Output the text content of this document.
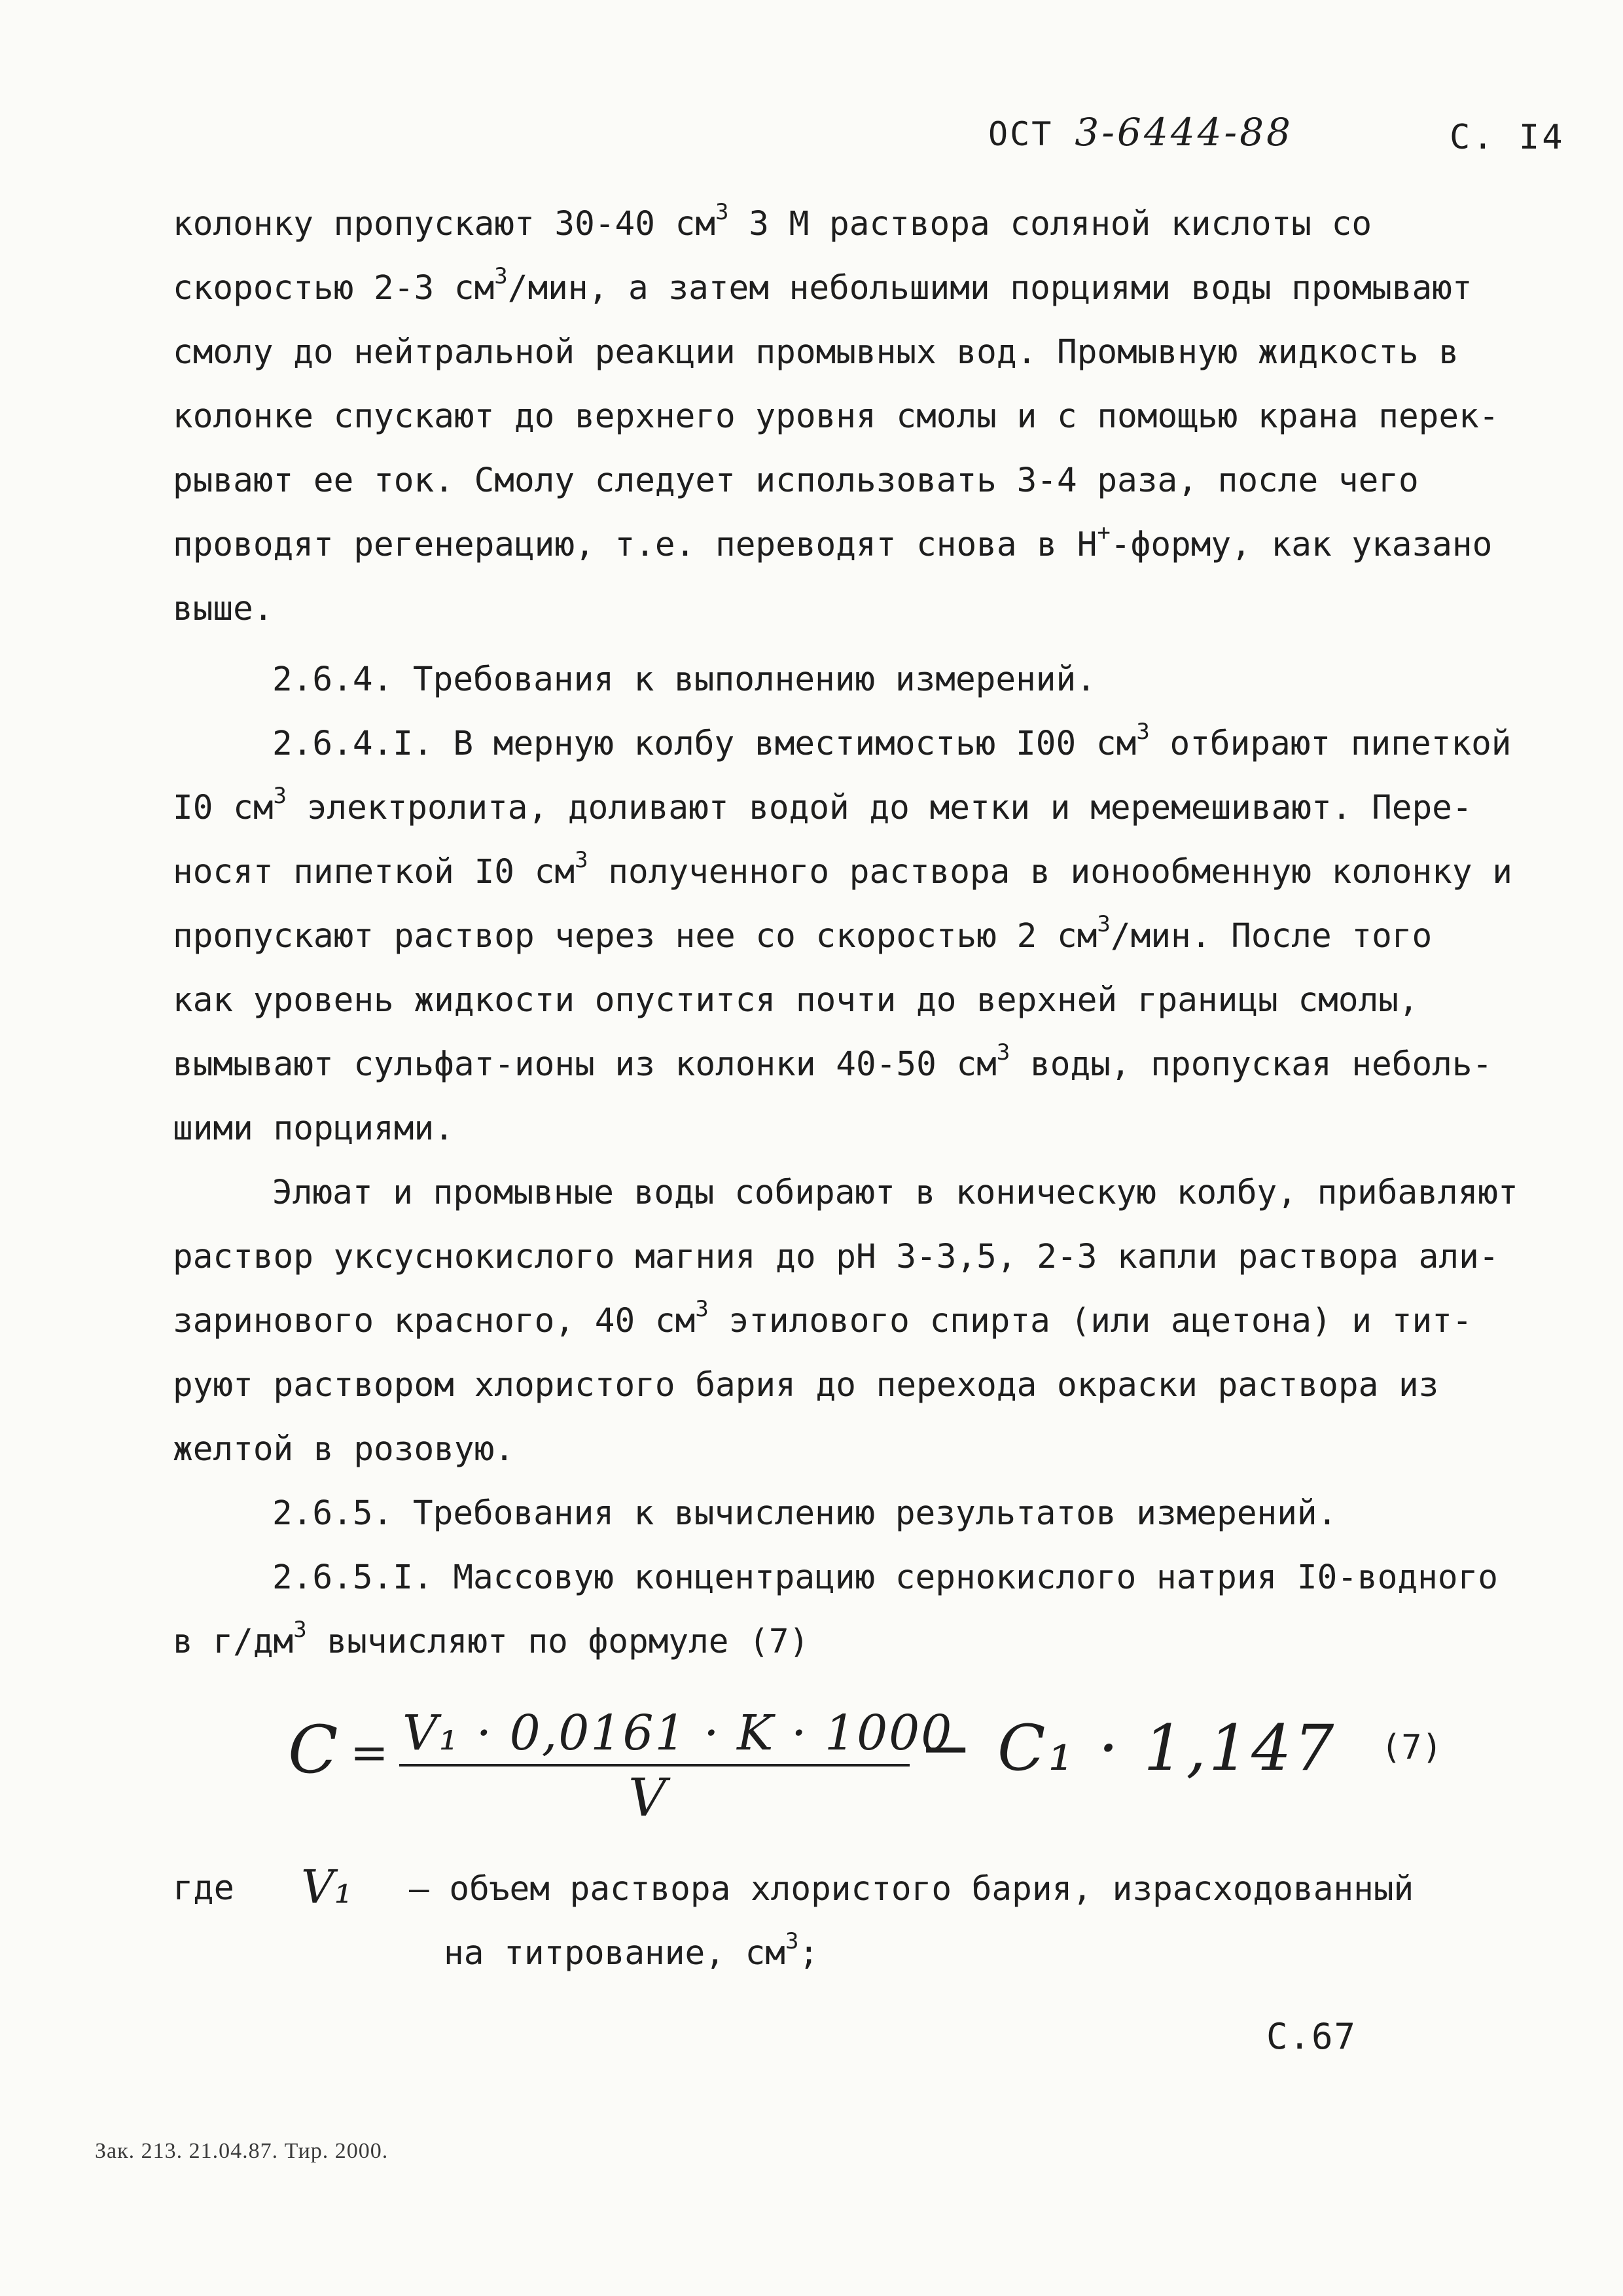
ОСТ 3-6444-88	С. I4
колонку пропускают 30-40 $см^3$ 3 М раствора соляной кислоты со
скоростью 2-3 $см^3$/мин, а затем небольшими порциями воды промывают
смолу до нейтральной реакции промывных вод. Промывную жидкость в
колонке спускают до верхнего уровня смолы и с помощью крана перек-
рывают ее ток. Смолу следует использовать 3-4 раза, после чего
проводят регенерацию, т.е. переводят снова в H+-форму, как указано
выше.
2.6.4. Требования к выполнению измерений.
2.6.4.I. В мерную колбу вместимостью I00 $см^3$ отбирают пипеткой
I0 $см^3$ электролита, доливают водой до метки и меремешивают. Пере-
носят пипеткой I0 $см^3$ полученного раствора в ионообменную колонку и
пропускают раствор через нее со скоростью 2 $см^3$/мин. После того
как уровень жидкости опустится почти до верхней границы смолы,
вымывают сульфат-ионы из колонки 40-50 $см^3$ воды, пропуская неболь-
шими порциями.
Элюат и промывные воды собирают в коническую колбу, прибавляют
раствор уксуснокислого магния до pH 3-3,5, 2-3 капли раствора али-
заринового красного, 40 $см^3$ этилового спирта (или ацетона) и тит-
руют раствором хлористого бария до перехода окраски раствора из
желтой в розовую.
2.6.5. Требования к вычислению результатов измерений.
2.6.5.I. Массовую концентрацию сернокислого натрия I0-водного
в $г/дм^3$ вычисляют по формуле (7)
C = V₁ · 0,0161 · K · 1000
V
− C₁ · 1,147 (7)
где V₁ – объем раствора хлористого бария, израсходованный
на титрование, $см^3$;
С.67
Зак. 213. 21.04.87. Тир. 2000.
